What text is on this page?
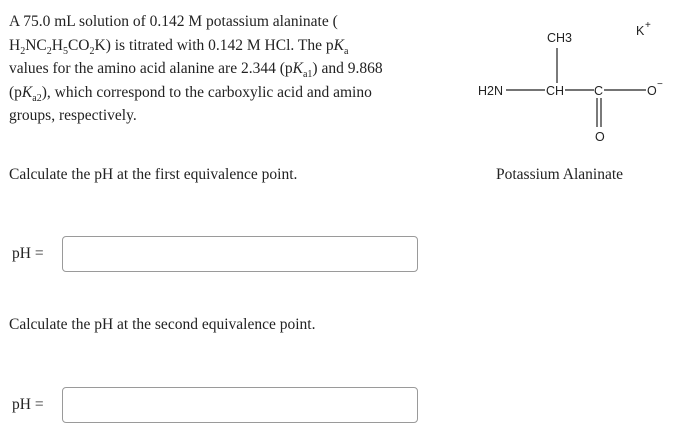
A 75.0 mL solution of 0.142 M potassium alaninate (
$H_2NC_2H_5CO_2K$) is titrated with 0.142 M HCl. The $pK_a$
values for the amino acid alanine are 2.344 $(pK_{a1})$ and 9.868
$(pK_{a2})$, which correspond to the carboxylic acid and amino
groups, respectively.

Calculate the pH at the first equivalence point.

pH =

Calculate the pH at the second equivalence point.

pH =
CH3	K +
H2N	CH C
O
O −

Potassium Alaninate
